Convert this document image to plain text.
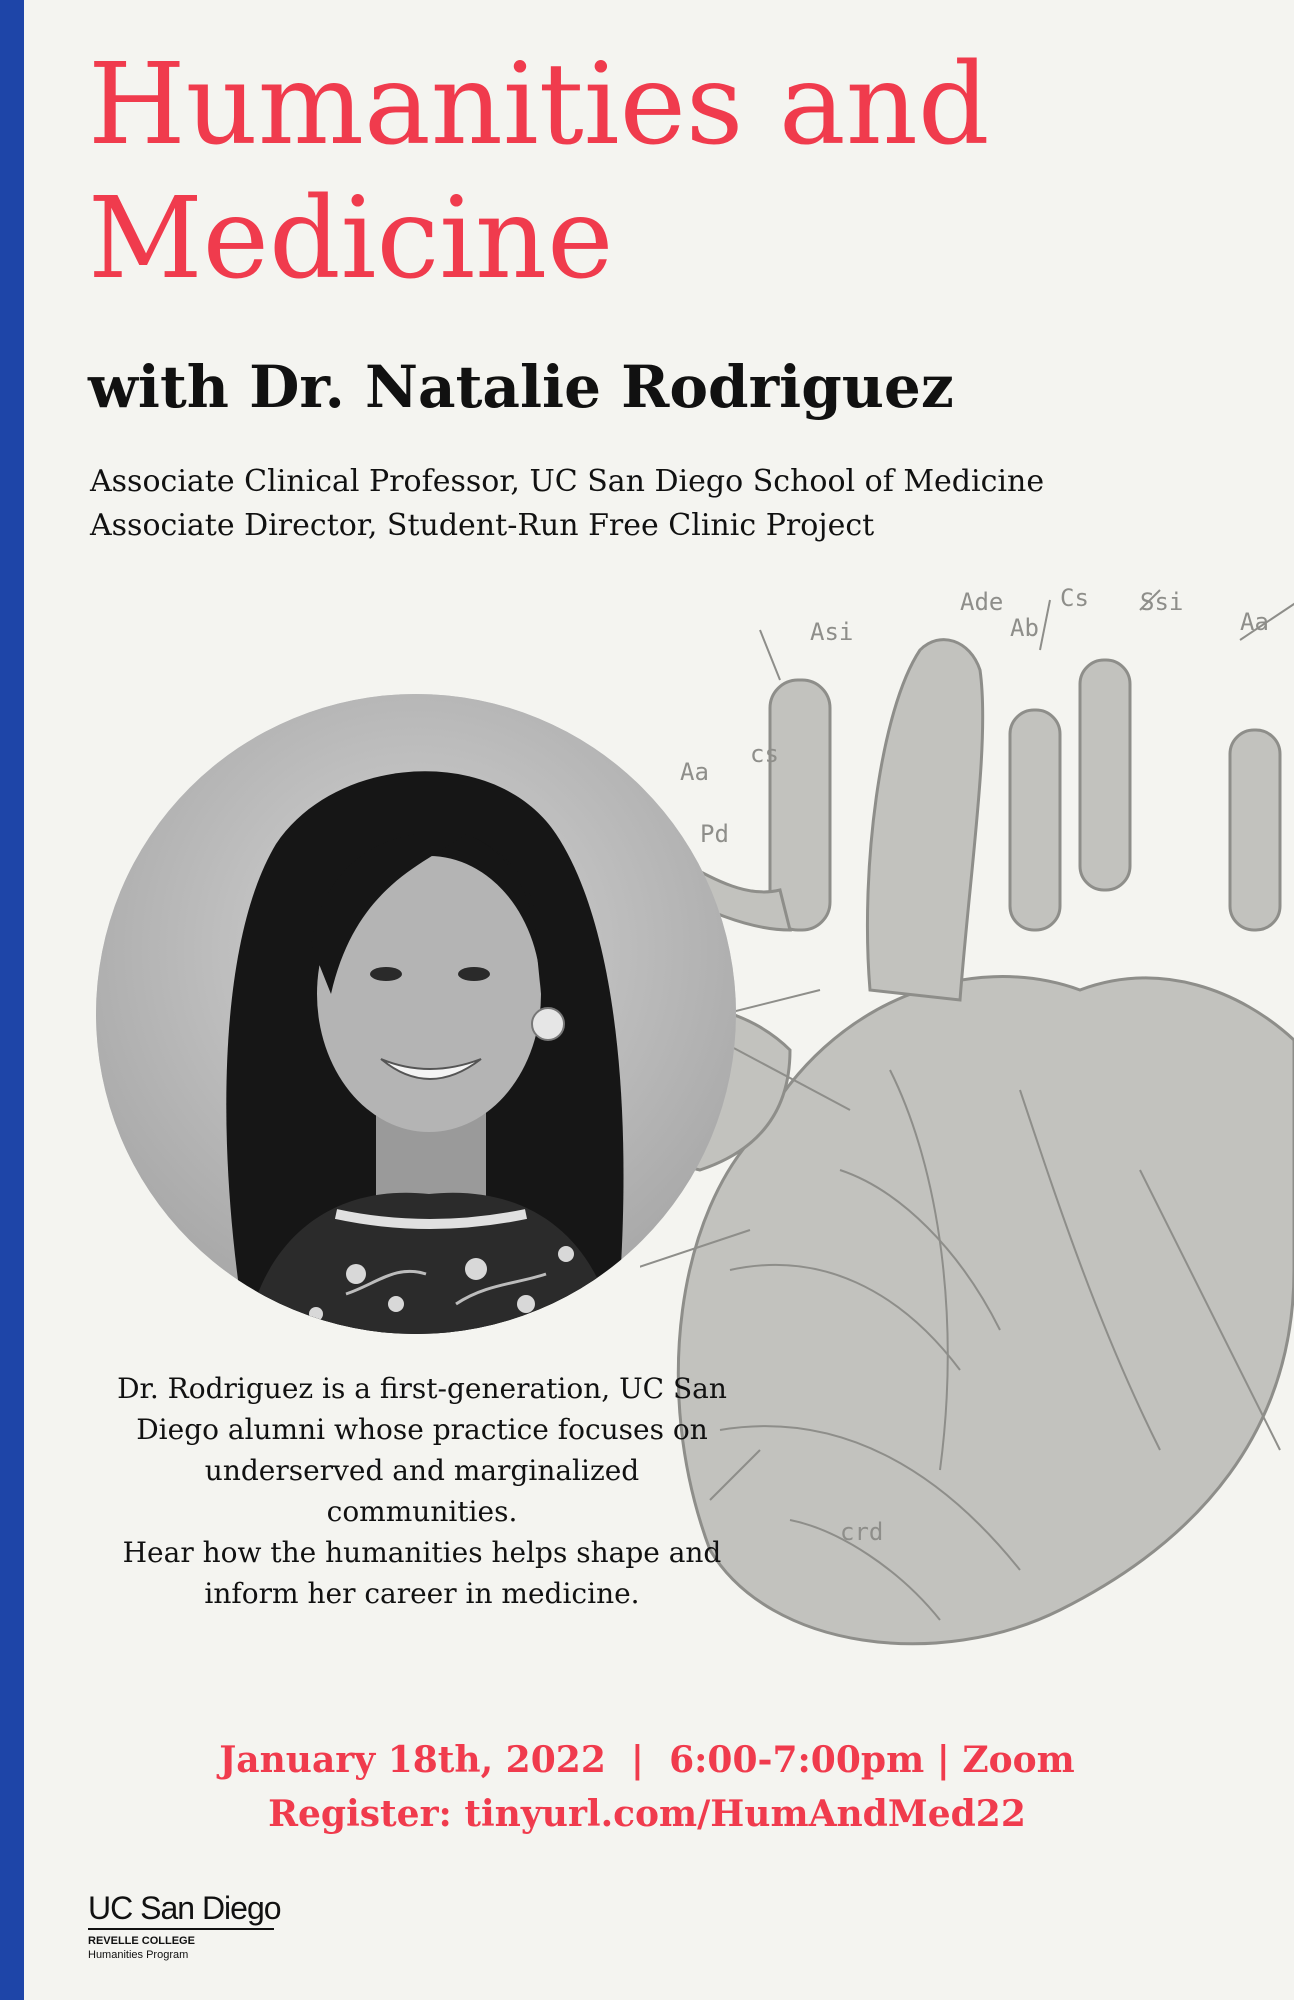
Humanities and
Medicine
with Dr. Natalie Rodriguez
Associate Clinical Professor, UC San Diego School of Medicine
Associate Director, Student-Run Free Clinic Project
Asi
Ade Cs Ssi
Aa
Ab
cs
Aa
Pd
crd
Dr. Rodriguez is a first-generation, UC San
Diego alumni whose practice focuses on
underserved and marginalized communities.
Hear how the humanities helps shape and
inform her career in medicine.
January 18th, 2022  |  6:00-7:00pm | Zoom
Register: tinyurl.com/HumAndMed22
UC San Diego
REVELLE COLLEGE
Humanities Program
